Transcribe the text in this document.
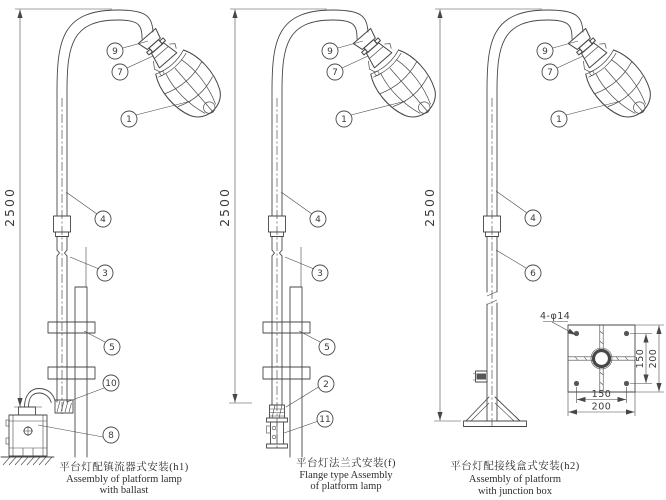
2500
9
7
1
4
3
5
10
8
平台灯配镇流器式安装(h1)
Assembly of platform lamp
with ballast
2500
9
7
1
4
3
5
2
11
平台灯法兰式安装(f)
Flange type Assembly
of platform lamp
2500
9
7
1
4
6
平台灯配接线盒式安装(h2)
Assembly of platform
with junction box
4-φ14
150 200
150
200
